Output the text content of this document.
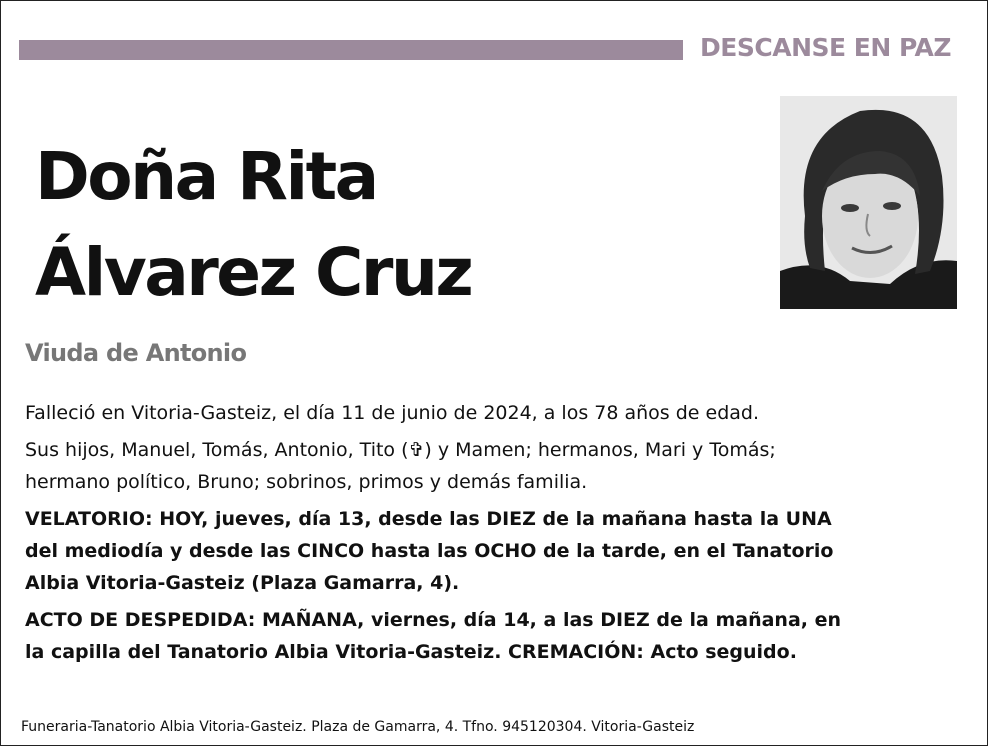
DESCANSE EN PAZ
Doña Rita
Álvarez Cruz
Viuda de Antonio

Falleció en Vitoria-Gasteiz, el día 11 de junio de 2024, a los 78 años de edad.

Sus hijos, Manuel, Tomás, Antonio, Tito (✞) y Mamen; hermanos, Mari y Tomás;

hermano político, Bruno; sobrinos, primos y demás familia.

VELATORIO: HOY, jueves, día 13, desde las DIEZ de la mañana hasta la UNA

del mediodía y desde las CINCO hasta las OCHO de la tarde, en el Tanatorio

Albia Vitoria-Gasteiz (Plaza Gamarra, 4).

ACTO DE DESPEDIDA: MAÑANA, viernes, día 14, a las DIEZ de la mañana, en

la capilla del Tanatorio Albia Vitoria-Gasteiz. CREMACIÓN: Acto seguido.

Funeraria-Tanatorio Albia Vitoria-Gasteiz. Plaza de Gamarra, 4. Tfno. 945120304. Vitoria-Gasteiz
